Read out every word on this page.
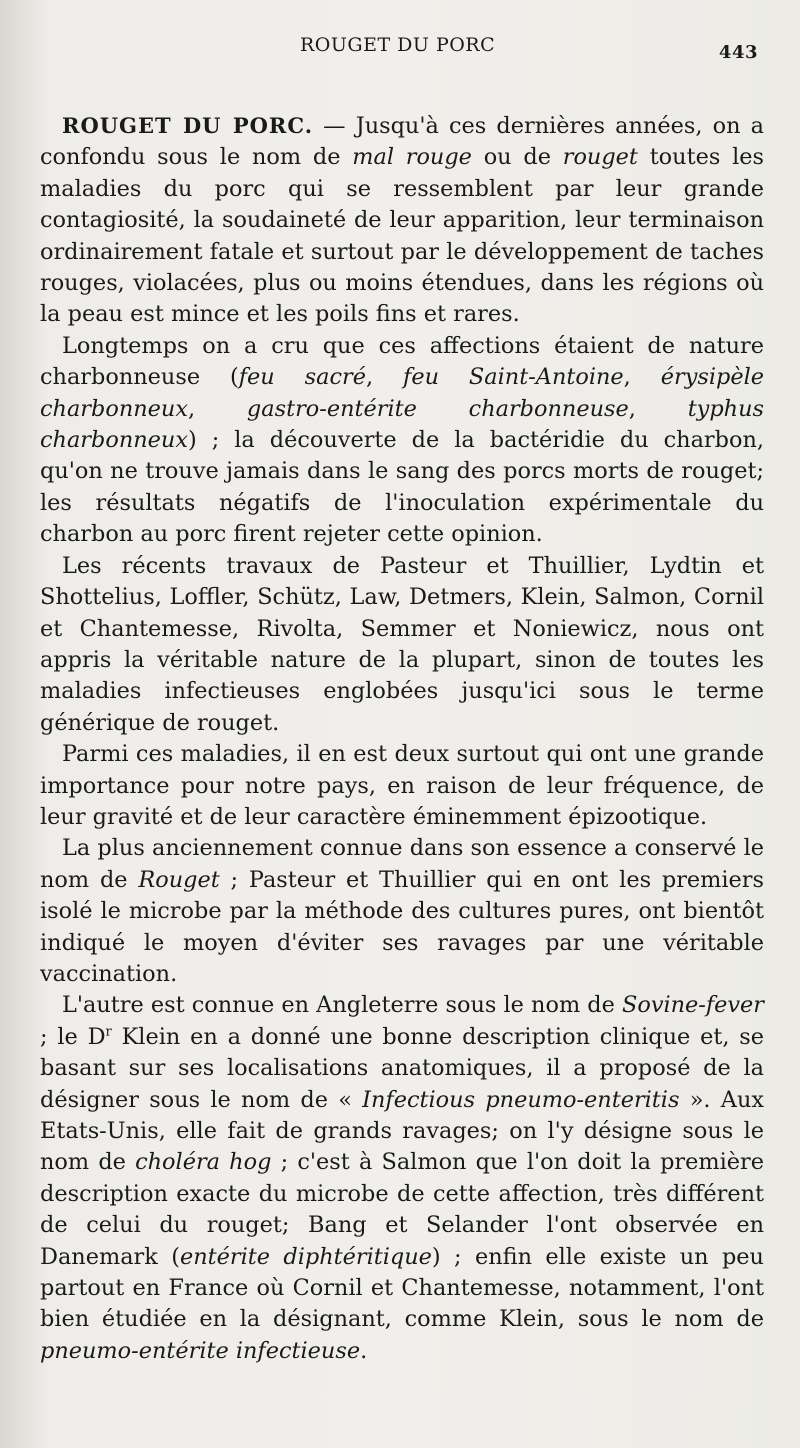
ROUGET DU PORC	443

ROUGET DU PORC. — Jusqu'à ces dernières années, on a confondu sous le nom de mal rouge ou de rouget toutes les maladies du porc qui se ressemblent par leur grande contagiosité, la soudaineté de leur apparition, leur terminaison ordinairement fatale et surtout par le développement de taches rouges, violacées, plus ou moins étendues, dans les régions où la peau est mince et les poils fins et rares.

Longtemps on a cru que ces affections étaient de nature charbonneuse (feu sacré, feu Saint-Antoine, érysipèle charbonneux, gastro-entérite charbonneuse, typhus charbonneux) ; la découverte de la bactéridie du charbon, qu'on ne trouve jamais dans le sang des porcs morts de rouget; les résultats négatifs de l'inoculation expérimentale du charbon au porc firent rejeter cette opinion.

Les récents travaux de Pasteur et Thuillier, Lydtin et Shottelius, Loffler, Schütz, Law, Detmers, Klein, Salmon, Cornil et Chantemesse, Rivolta, Semmer et Noniewicz, nous ont appris la véritable nature de la plupart, sinon de toutes les maladies infectieuses englobées jusqu'ici sous le terme générique de rouget.

Parmi ces maladies, il en est deux surtout qui ont une grande importance pour notre pays, en raison de leur fréquence, de leur gravité et de leur caractère éminemment épizootique.

La plus anciennement connue dans son essence a conservé le nom de Rouget ; Pasteur et Thuillier qui en ont les premiers isolé le microbe par la méthode des cultures pures, ont bientôt indiqué le moyen d'éviter ses ravages par une véritable vaccination.

L'autre est connue en Angleterre sous le nom de Sovine-fever ; le $D^r$ Klein en a donné une bonne description clinique et, se basant sur ses localisations anatomiques, il a proposé de la désigner sous le nom de « Infectious pneumo-enteritis ». Aux Etats-Unis, elle fait de grands ravages; on l'y désigne sous le nom de choléra hog ; c'est à Salmon que l'on doit la première description exacte du microbe de cette affection, très différent de celui du rouget; Bang et Selander l'ont observée en Danemark (entérite diphtéritique) ; enfin elle existe un peu partout en France où Cornil et Chantemesse, notamment, l'ont bien étudiée en la désignant, comme Klein, sous le nom de pneumo-entérite infectieuse.
